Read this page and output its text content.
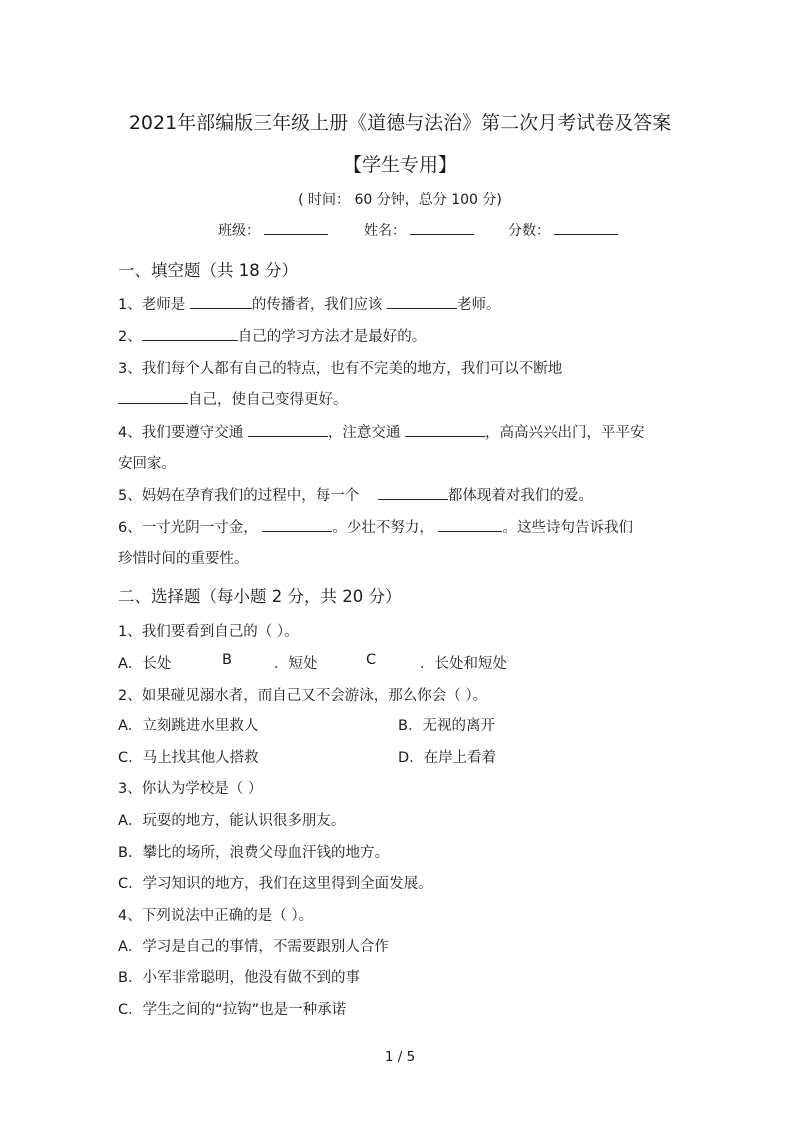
2021年部编版三年级上册《道德与法治》第二次月考试卷及答案
【学生专用】
( 时间： 60 分钟，总分 100 分)
班级：	姓名：	分数：
一、填空题（共 18 分）
1、老师是	的传播者，我们应该	老师。
2、	自己的学习方法才是最好的。
3、我们每个人都有自己的特点，也有不完美的地方，我们可以不断地
自己，使自己变得更好。
4、我们要遵守交通	，注意交通	，高高兴兴出门，平平安
安回家。
5、妈妈在孕育我们的过程中，每一个	都体现着对我们的爱。
6、一寸光阴一寸金，	。少壮不努力，	。这些诗句告诉我们
珍惜时间的重要性。
二、选择题（每小题 2 分，共 20 分）
1、我们要看到自己的（ ）。
A．长处	B	．短处	C	．长处和短处
2、如果碰见溺水者，而自己又不会游泳，那么你会（ ）。
A．立刻跳进水里救人	B．无视的离开
C．马上找其他人搭救	D．在岸上看着
3、你认为学校是（ ）
A．玩耍的地方，能认识很多朋友。
B．攀比的场所，浪费父母血汗钱的地方。
C．学习知识的地方，我们在这里得到全面发展。
4、下列说法中正确的是（ ）。
A．学习是自己的事情，不需要跟别人合作
B．小军非常聪明，他没有做不到的事
C．学生之间的“拉钩”也是一种承诺
1 / 5
